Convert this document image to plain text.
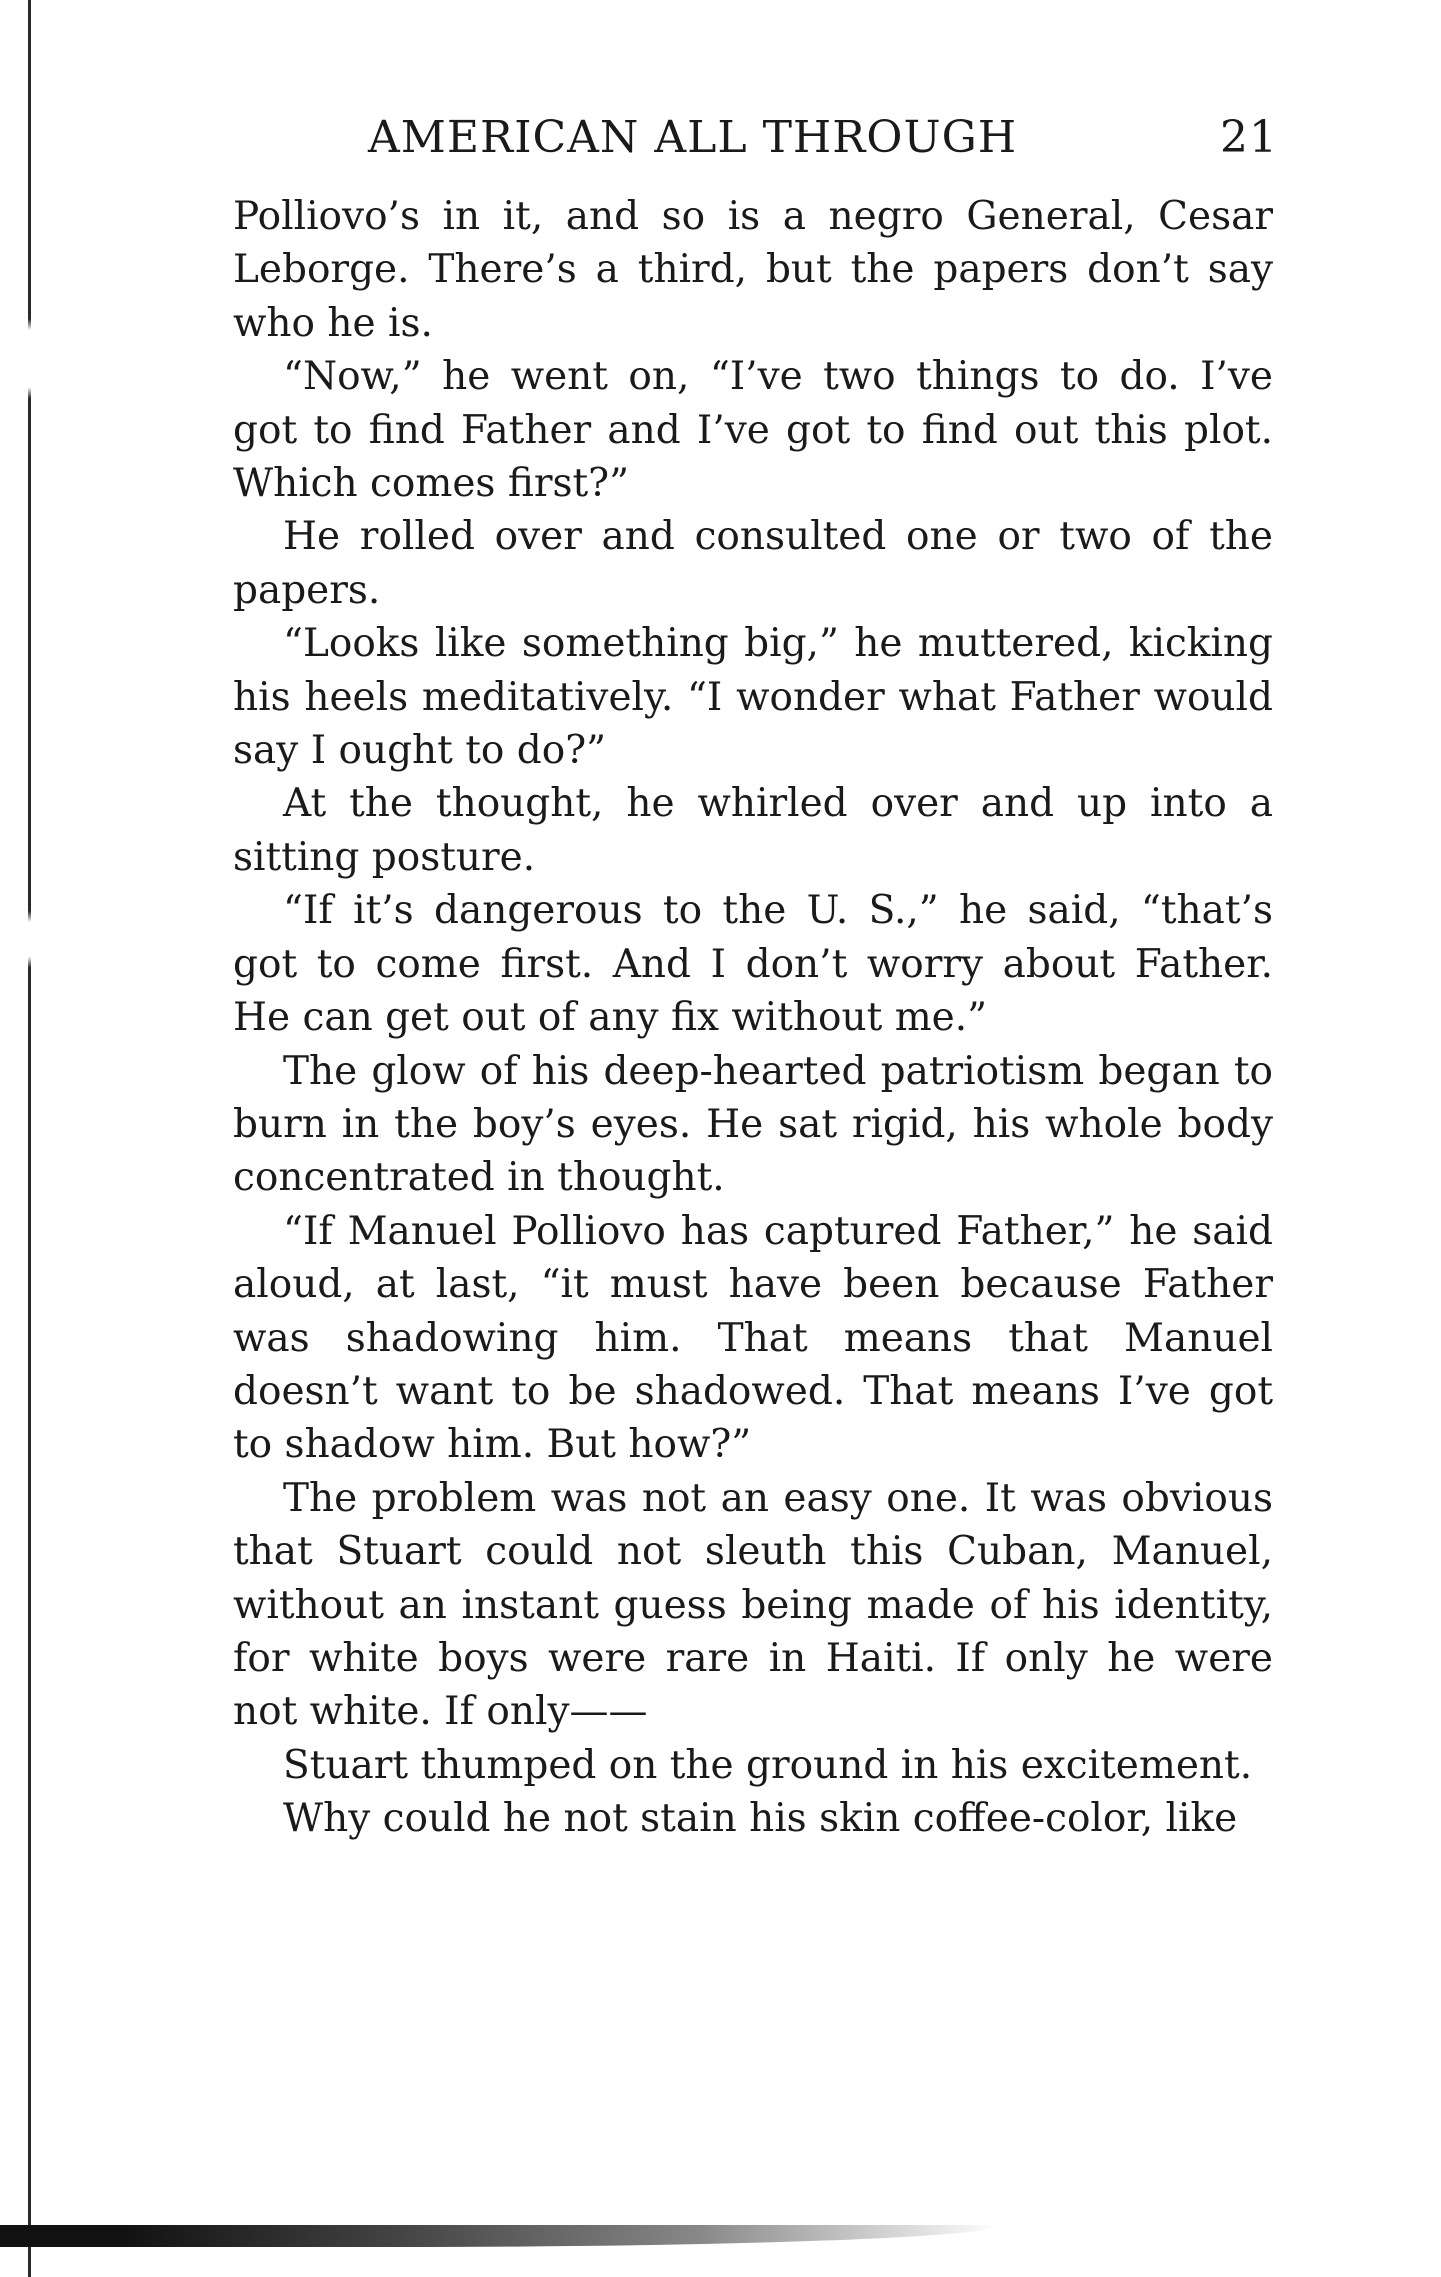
AMERICAN ALL THROUGH	21

Polliovo’s in it, and so is a negro General, Cesar Leborge. There’s a third, but the papers don’t say who he is.

“Now,” he went on, “I’ve two things to do. I’ve got to find Father and I’ve got to find out this plot. Which comes first?”

He rolled over and consulted one or two of the papers.

“Looks like something big,” he muttered, kicking his heels meditatively. “I wonder what Father would say I ought to do?”

At the thought, he whirled over and up into a sitting posture.

“If it’s dangerous to the U. S.,” he said, “that’s got to come first. And I don’t worry about Father. He can get out of any fix without me.”

The glow of his deep-hearted patriotism began to burn in the boy’s eyes. He sat rigid, his whole body concentrated in thought.

“If Manuel Polliovo has captured Father,” he said aloud, at last, “it must have been because Father was shadowing him. That means that Manuel doesn’t want to be shadowed. That means I’ve got to shadow him. But how?”

The problem was not an easy one. It was obvious that Stuart could not sleuth this Cuban, Manuel, without an instant guess being made of his identity, for white boys were rare in Haiti. If only he were not white. If only——

Stuart thumped on the ground in his excitement.

Why could he not stain his skin coffee-color, like
